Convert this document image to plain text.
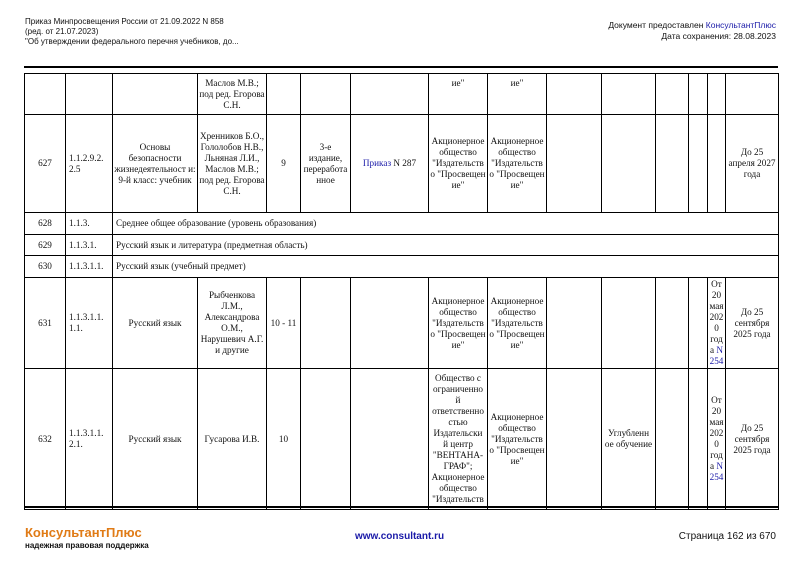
Приказ Минпросвещения России от 21.09.2022 N 858
(ред. от 21.07.2023)
"Об утверждении федерального перечня учебников, до...
Документ предоставлен КонсультантПлюс
Дата сохранения: 28.08.2023
			Маслов М.В.; под ред. Егорова С.Н.				ие"	ие"						
627	1.1.2.9.2. 2.5	Основы безопасности жизнедеятельност и: 9-й класс: учебник	Хренников Б.О., Гололобов Н.В., Льняная Л.И., Маслов М.В.; под ред. Егорова С.Н.	9	3-е издание, переработа нное	Приказ N 287	Акционерное общество "Издательств о "Просвещен ие"	Акционерное общество "Издательств о "Просвещен ие"						До 25 апреля 2027 года
628	1.1.3.	Среднее общее образование (уровень образования)												
629	1.1.3.1.	Русский язык и литература (предметная область)												
630	1.1.3.1.1.	Русский язык (учебный предмет)												
631	1.1.3.1.1. 1.1.	Русский язык	Рыбченкова Л.М., Александрова О.М., Нарушевич А.Г. и другие	10 - 11			Акционерное общество "Издательств о "Просвещен ие"	Акционерное общество "Издательств о "Просвещен ие"					От 20 мая 2020 года N 254	До 25 сентября 2025 года
632	1.1.3.1.1. 2.1.	Русский язык	Гусарова И.В.	10			Общество с ограниченно й ответственно стью Издательски й центр "ВЕНТАНА-ГРАФ"; Акционерное общество "Издательств	Акционерное общество "Издательств о "Просвещен ие"		Углубленн ое обучение			От 20 мая 2020 года N 254	До 25 сентября 2025 года
КонсультантПлюс
надежная правовая поддержка
www.consultant.ru	Страница 162 из 670
